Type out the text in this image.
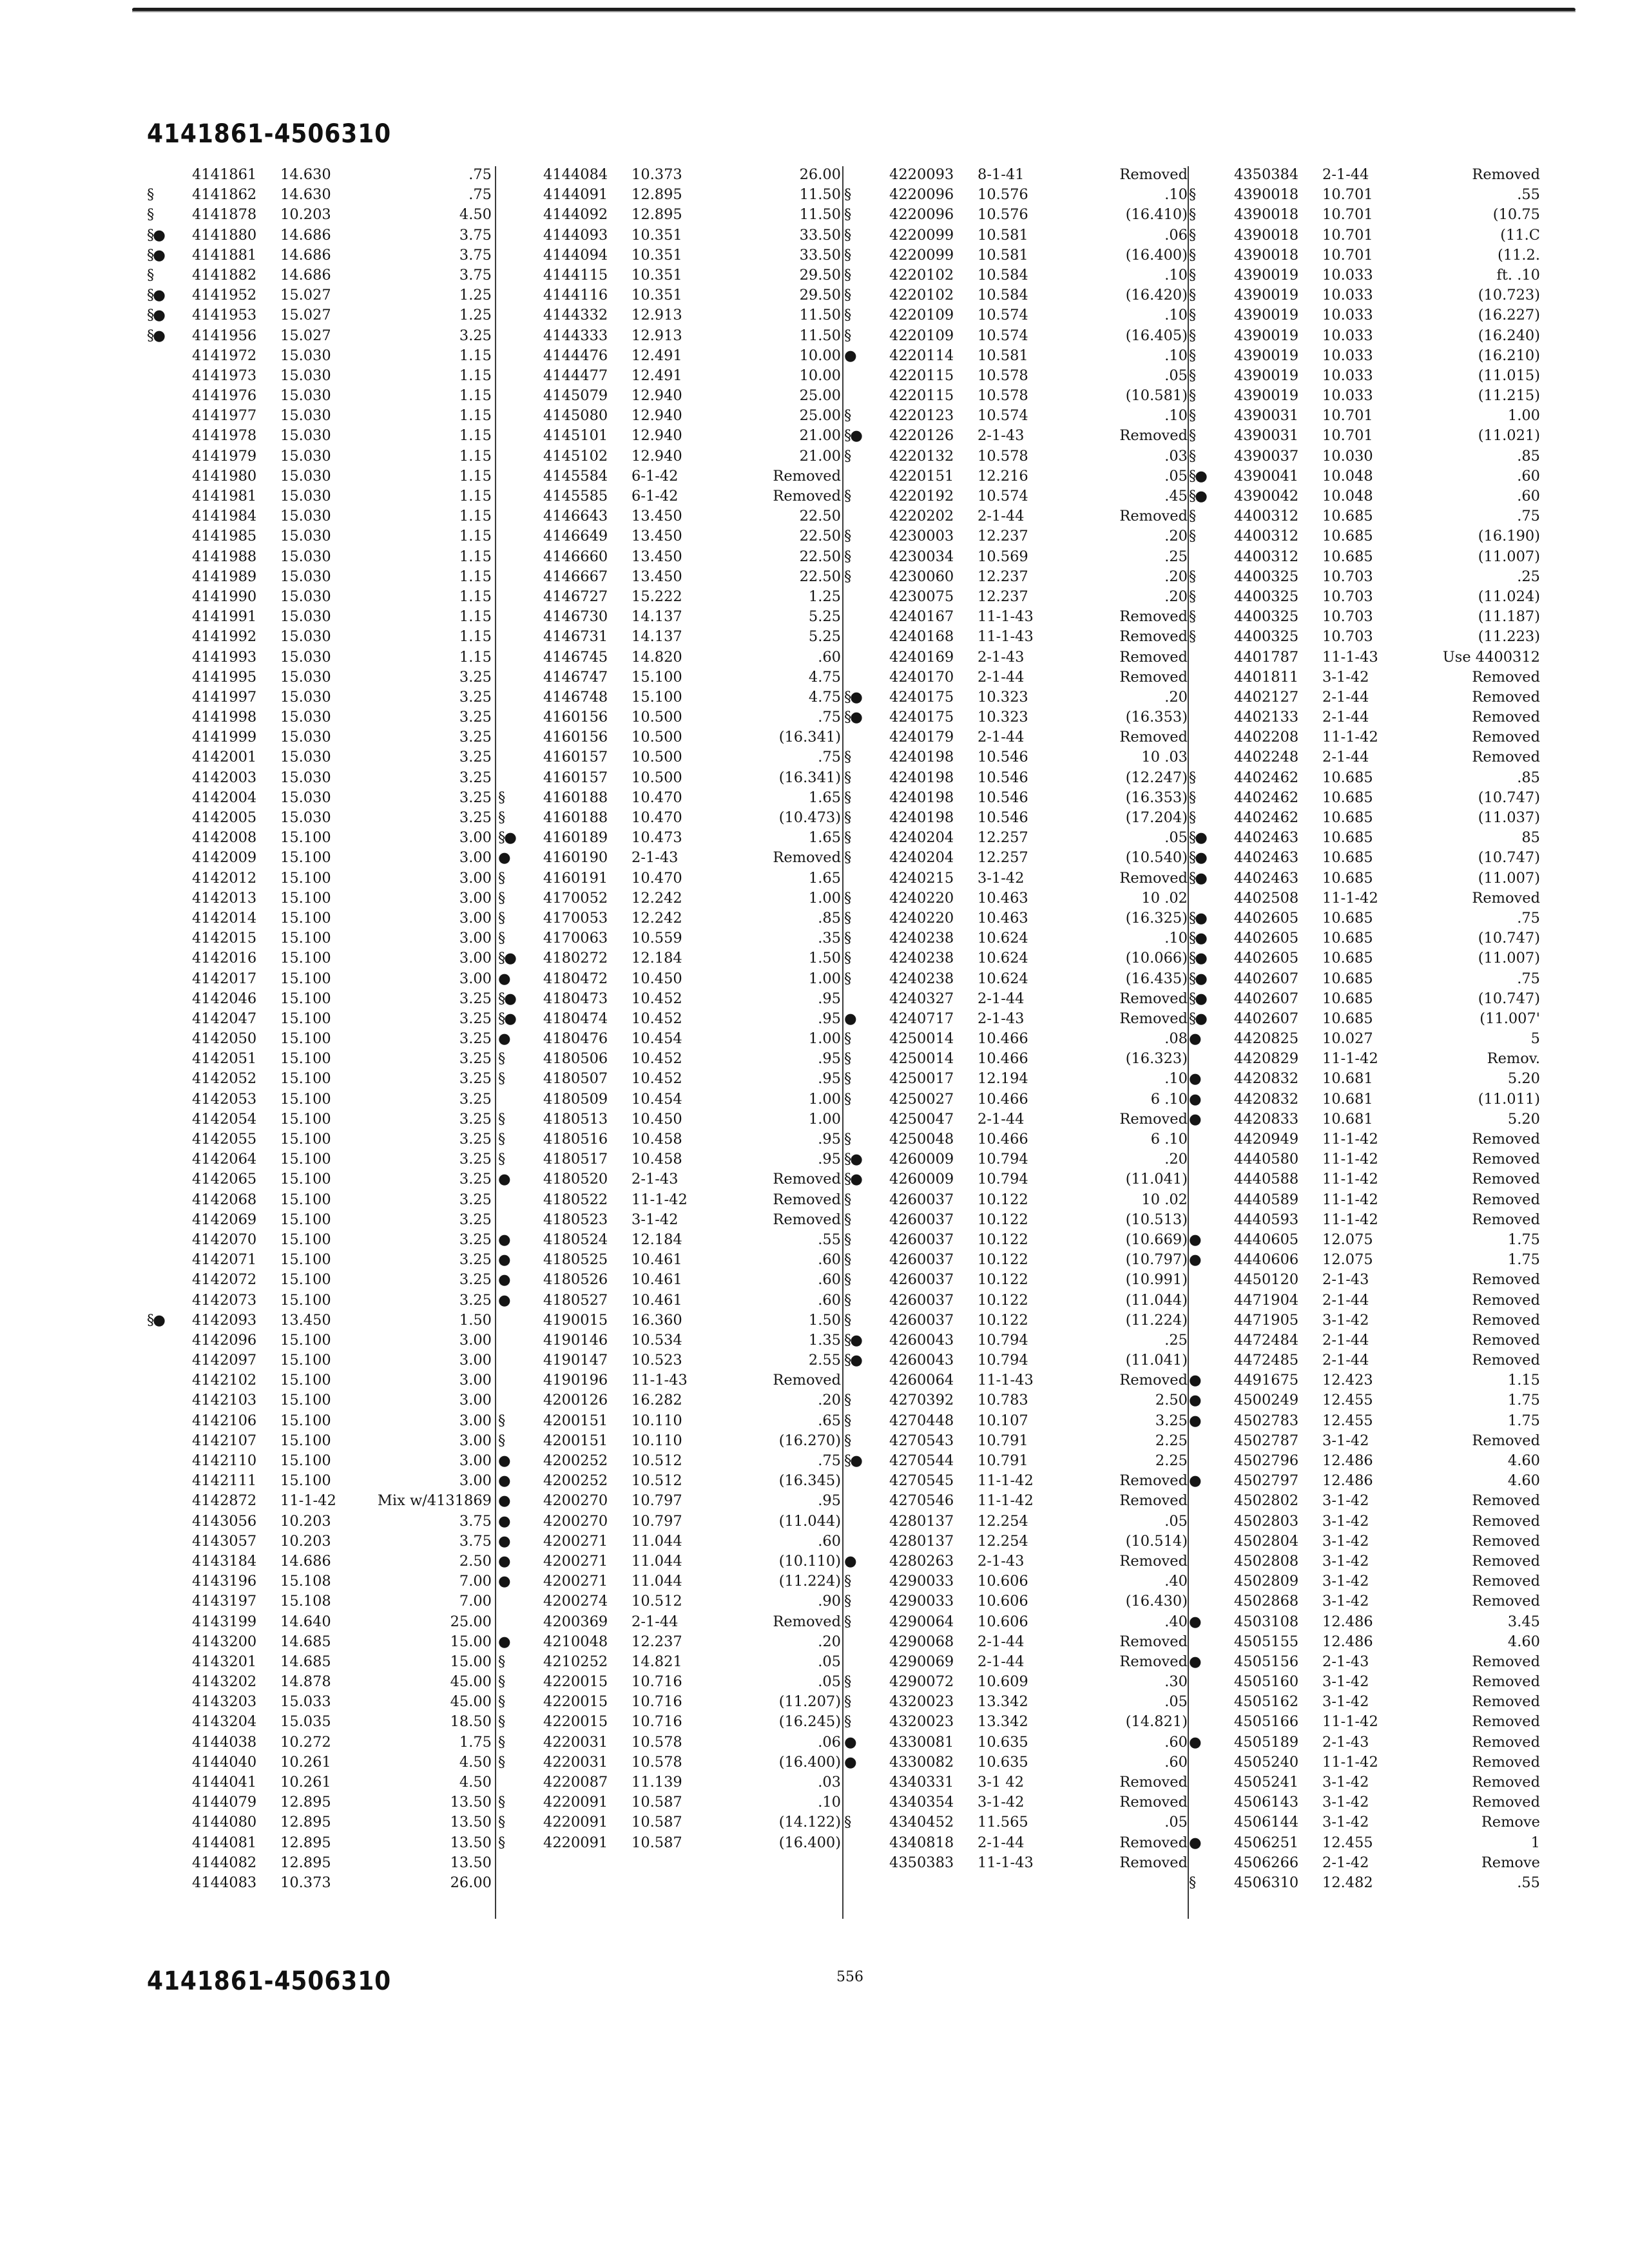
4141861-4506310
4141861 14.630	.75
§	4141862 14.630	.75
§	4141878 10.203	4.50
§● 4141880 14.686	3.75
§● 4141881 14.686	3.75
§	4141882 14.686	3.75
§● 4141952 15.027	1.25
§● 4141953 15.027	1.25
§● 4141956 15.027	3.25
4141972 15.030	1.15
4141973 15.030	1.15
4141976 15.030	1.15
4141977 15.030	1.15
4141978 15.030	1.15
4141979 15.030	1.15
4141980 15.030	1.15
4141981 15.030	1.15
4141984 15.030	1.15
4141985 15.030	1.15
4141988 15.030	1.15
4141989 15.030	1.15
4141990 15.030	1.15
4141991 15.030	1.15
4141992 15.030	1.15
4141993 15.030	1.15
4141995 15.030	3.25
4141997 15.030	3.25
4141998 15.030	3.25
4141999 15.030	3.25
4142001 15.030	3.25
4142003 15.030	3.25
4142004 15.030	3.25
4142005 15.030	3.25
4142008 15.100	3.00
4142009 15.100	3.00
4142012 15.100	3.00
4142013 15.100	3.00
4142014 15.100	3.00
4142015 15.100	3.00
4142016 15.100	3.00
4142017 15.100	3.00
4142046 15.100	3.25
4142047 15.100	3.25
4142050 15.100	3.25
4142051 15.100	3.25
4142052 15.100	3.25
4142053 15.100	3.25
4142054 15.100	3.25
4142055 15.100	3.25
4142064 15.100	3.25
4142065 15.100	3.25
4142068 15.100	3.25
4142069 15.100	3.25
4142070 15.100	3.25
4142071 15.100	3.25
4142072 15.100	3.25
4142073 15.100	3.25
§● 4142093 13.450	1.50
4142096 15.100	3.00
4142097 15.100	3.00
4142102 15.100	3.00
4142103 15.100	3.00
4142106 15.100	3.00
4142107 15.100	3.00
4142110 15.100	3.00
4142111 15.100	3.00
4142872 11-1-42	Mix w/4131869
4143056 10.203	3.75
4143057 10.203	3.75
4143184 14.686	2.50
4143196 15.108	7.00
4143197 15.108	7.00
4143199 14.640	25.00
4143200 14.685	15.00
4143201 14.685	15.00
4143202 14.878	45.00
4143203 15.033	45.00
4143204 15.035	18.50
4144038 10.272	1.75
4144040 10.261	4.50
4144041 10.261	4.50
4144079 12.895	13.50
4144080 12.895	13.50
4144081 12.895	13.50
4144082 12.895	13.50
4144083 10.373	26.00
4144084 10.373	26.00
4144091 12.895	11.50
4144092 12.895	11.50
4144093 10.351	33.50
4144094 10.351	33.50
4144115 10.351	29.50
4144116 10.351	29.50
4144332 12.913	11.50
4144333 12.913	11.50
4144476 12.491	10.00
4144477 12.491	10.00
4145079 12.940	25.00
4145080 12.940	25.00
4145101 12.940	21.00
4145102 12.940	21.00
4145584 6-1-42	Removed
4145585 6-1-42	Removed
4146643 13.450	22.50
4146649 13.450	22.50
4146660 13.450	22.50
4146667 13.450	22.50
4146727 15.222	1.25
4146730 14.137	5.25
4146731 14.137	5.25
4146745 14.820	.60
4146747 15.100	4.75
4146748 15.100	4.75
4160156 10.500	.75
4160156 10.500	(16.341)
4160157 10.500	.75
4160157 10.500	(16.341)
§	4160188 10.470	1.65
§	4160188 10.470	(10.473)
§● 4160189 10.473	1.65
● 4160190 2-1-43	Removed
§	4160191 10.470	1.65
§	4170052 12.242	1.00
§	4170053 12.242	.85
§	4170063 10.559	.35
§● 4180272 12.184	1.50
● 4180472 10.450	1.00
§● 4180473 10.452	.95
§● 4180474 10.452	.95
● 4180476 10.454	1.00
§	4180506 10.452	.95
§	4180507 10.452	.95
4180509 10.454	1.00
§	4180513 10.450	1.00
§	4180516 10.458	.95
§	4180517 10.458	.95
● 4180520 2-1-43	Removed
4180522 11-1-42	Removed
4180523 3-1-42	Removed
● 4180524 12.184	.55
● 4180525 10.461	.60
● 4180526 10.461	.60
● 4180527 10.461	.60
4190015 16.360	1.50
4190146 10.534	1.35
4190147 10.523	2.55
4190196 11-1-43	Removed
4200126 16.282	.20
§	4200151 10.110	.65
§	4200151 10.110	(16.270)
● 4200252 10.512	.75
● 4200252 10.512	(16.345)
● 4200270 10.797	.95
● 4200270 10.797	(11.044)
● 4200271 11.044	.60
● 4200271 11.044	(10.110)
● 4200271 11.044	(11.224)
4200274 10.512	.90
4200369 2-1-44	Removed
● 4210048 12.237	.20
§	4210252 14.821	.05
§	4220015 10.716	.05
§	4220015 10.716	(11.207)
§	4220015 10.716	(16.245)
§	4220031 10.578	.06
§	4220031 10.578	(16.400)
4220087 11.139	.03
§	4220091 10.587	.10
§	4220091 10.587	(14.122)
§	4220091 10.587	(16.400)
4220093 8-1-41	Removed
§	4220096 10.576	.10
§	4220096 10.576	(16.410)
§	4220099 10.581	.06
§	4220099 10.581	(16.400)
§	4220102 10.584	.10
§	4220102 10.584	(16.420)
§	4220109 10.574	.10
§	4220109 10.574	(16.405)
● 4220114 10.581	.10
4220115 10.578	.05
4220115 10.578	(10.581)
§	4220123 10.574	.10
§● 4220126 2-1-43	Removed
§	4220132 10.578	.03
4220151 12.216	.05
§	4220192 10.574	.45
4220202 2-1-44	Removed
§	4230003 12.237	.20
§	4230034 10.569	.25
§	4230060 12.237	.20
4230075 12.237	.20
4240167 11-1-43	Removed
4240168 11-1-43	Removed
4240169 2-1-43	Removed
4240170 2-1-44	Removed
§● 4240175 10.323	.20
§● 4240175 10.323	(16.353)
4240179 2-1-44	Removed
§	4240198 10.546	10 .03
§	4240198 10.546	(12.247)
§	4240198 10.546	(16.353)
§	4240198 10.546	(17.204)
§	4240204 12.257	.05
§	4240204 12.257	(10.540)
4240215 3-1-42	Removed
§	4240220 10.463	10 .02
§	4240220 10.463	(16.325)
§	4240238 10.624	.10
§	4240238 10.624	(10.066)
§	4240238 10.624	(16.435)
4240327 2-1-44	Removed
● 4240717 2-1-43	Removed
§	4250014 10.466	.08
§	4250014 10.466	(16.323)
§	4250017 12.194	.10
§	4250027 10.466	6 .10
4250047 2-1-44	Removed
§	4250048 10.466	6 .10
§● 4260009 10.794	.20
§● 4260009 10.794	(11.041)
§	4260037 10.122	10 .02
§	4260037 10.122	(10.513)
§	4260037 10.122	(10.669)
§	4260037 10.122	(10.797)
§	4260037 10.122	(10.991)
§	4260037 10.122	(11.044)
§	4260037 10.122	(11.224)
§● 4260043 10.794	.25
§● 4260043 10.794	(11.041)
4260064 11-1-43	Removed
§	4270392 10.783	2.50
§	4270448 10.107	3.25
§	4270543 10.791	2.25
§● 4270544 10.791	2.25
4270545 11-1-42	Removed
4270546 11-1-42	Removed
4280137 12.254	.05
4280137 12.254	(10.514)
● 4280263 2-1-43	Removed
§	4290033 10.606	.40
§	4290033 10.606	(16.430)
§	4290064 10.606	.40
4290068 2-1-44	Removed
4290069 2-1-44	Removed
§	4290072 10.609	.30
§	4320023 13.342	.05
§	4320023 13.342	(14.821)
● 4330081 10.635	.60
● 4330082 10.635	.60
4340331 3-1 42	Removed
4340354 3-1-42	Removed
§	4340452 11.565	.05
4340818 2-1-44	Removed
4350383 11-1-43	Removed
4350384 2-1-44	Removed
§	4390018 10.701	.55
§	4390018 10.701	(10.75
§	4390018 10.701	(11.C
§	4390018 10.701	(11.2.
§	4390019 10.033	ft. .10
§	4390019 10.033	(10.723)
§	4390019 10.033	(16.227)
§	4390019 10.033	(16.240)
§	4390019 10.033	(16.210)
§	4390019 10.033	(11.015)
§	4390019 10.033	(11.215)
§	4390031 10.701	1.00
§	4390031 10.701	(11.021)
§	4390037 10.030	.85
§● 4390041 10.048	.60
§● 4390042 10.048	.60
§	4400312 10.685	.75
§	4400312 10.685	(16.190)
4400312 10.685	(11.007)
§	4400325 10.703	.25
§	4400325 10.703	(11.024)
§	4400325 10.703	(11.187)
§	4400325 10.703	(11.223)
4401787 11-1-43	Use 4400312
4401811 3-1-42	Removed
4402127 2-1-44	Removed
4402133 2-1-44	Removed
4402208 11-1-42	Removed
4402248 2-1-44	Removed
§	4402462 10.685	.85
§	4402462 10.685	(10.747)
§	4402462 10.685	(11.037)
§● 4402463 10.685	85
§● 4402463 10.685	(10.747)
§● 4402463 10.685	(11.007)
4402508 11-1-42	Removed
§● 4402605 10.685	.75
§● 4402605 10.685	(10.747)
§● 4402605 10.685	(11.007)
§● 4402607 10.685	.75
§● 4402607 10.685	(10.747)
§● 4402607 10.685	(11.007'
● 4420825 10.027	5
4420829 11-1-42	Remov.
● 4420832 10.681	5.20
● 4420832 10.681	(11.011)
● 4420833 10.681	5.20
4420949 11-1-42	Removed
4440580 11-1-42	Removed
4440588 11-1-42	Removed
4440589 11-1-42	Removed
4440593 11-1-42	Removed
● 4440605 12.075	1.75
● 4440606 12.075	1.75
4450120 2-1-43	Removed
4471904 2-1-44	Removed
4471905 3-1-42	Removed
4472484 2-1-44	Removed
4472485 2-1-44	Removed
● 4491675 12.423	1.15
● 4500249 12.455	1.75
● 4502783 12.455	1.75
4502787 3-1-42	Removed
4502796 12.486	4.60
● 4502797 12.486	4.60
4502802 3-1-42	Removed
4502803 3-1-42	Removed
4502804 3-1-42	Removed
4502808 3-1-42	Removed
4502809 3-1-42	Removed
4502868 3-1-42	Removed
● 4503108 12.486	3.45
4505155 12.486	4.60
● 4505156 2-1-43	Removed
4505160 3-1-42	Removed
4505162 3-1-42	Removed
4505166 11-1-42	Removed
● 4505189 2-1-43	Removed
4505240 11-1-42	Removed
4505241 3-1-42	Removed
4506143 3-1-42	Removed
4506144 3-1-42	Remove
● 4506251 12.455	1
4506266 2-1-42	Remove
§	4506310 12.482	.55
4141861-4506310	556
